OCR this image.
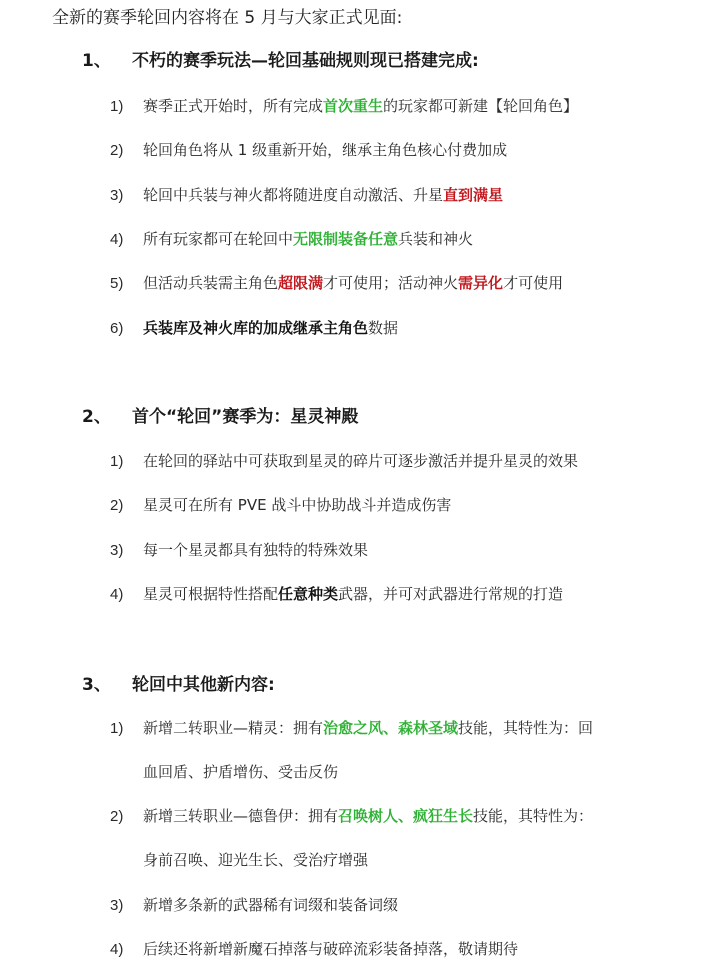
全新的赛季轮回内容将在 5 月与大家正式见面:
1、 不朽的赛季玩法—轮回基础规则现已搭建完成:
1) 赛季正式开始时，所有完成首次重生的玩家都可新建【轮回角色】
2) 轮回角色将从 1 级重新开始，继承主角色核心付费加成
3) 轮回中兵装与神火都将随进度自动激活、升星直到满星
4) 所有玩家都可在轮回中无限制装备任意兵装和神火
5) 但活动兵装需主角色超限满才可使用；活动神火需异化才可使用
6) 兵装库及神火库的加成继承主角色数据
2、 首个“轮回”赛季为：星灵神殿
1) 在轮回的驿站中可获取到星灵的碎片可逐步激活并提升星灵的效果
2) 星灵可在所有 PVE 战斗中协助战斗并造成伤害
3) 每一个星灵都具有独特的特殊效果
4) 星灵可根据特性搭配任意种类武器，并可对武器进行常规的打造
3、 轮回中其他新内容:
1) 新增二转职业—精灵：拥有治愈之风、森林圣域技能，其特性为：回
血回盾、护盾增伤、受击反伤
2) 新增三转职业—德鲁伊：拥有召唤树人、疯狂生长技能，其特性为：
身前召唤、迎光生长、受治疗增强
3) 新增多条新的武器稀有词缀和装备词缀
4) 后续还将新增新魔石掉落与破碎流彩装备掉落，敬请期待
